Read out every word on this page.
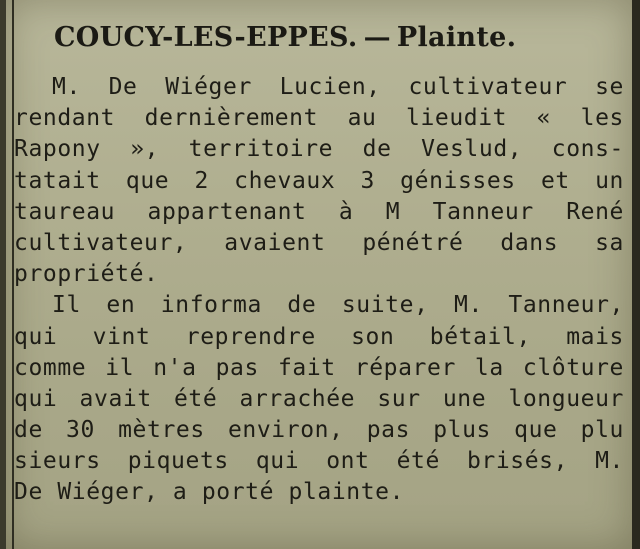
COUCY-LES-EPPES. — Plainte.
M. De Wiéger Lucien, cultivateur se
rendant dernièrement au lieudit « les
Rapony », territoire de Veslud, cons-
tatait que 2 chevaux 3 génisses et un
taureau appartenant à M Tanneur René
cultivateur, avaient pénétré dans sa
propriété.
Il en informa de suite, M. Tanneur,
qui vint reprendre son bétail, mais
comme il n'a pas fait réparer la clôture
qui avait été arrachée sur une longueur
de 30 mètres environ, pas plus que plu
sieurs piquets qui ont été brisés, M.
De Wiéger, a porté plainte.
